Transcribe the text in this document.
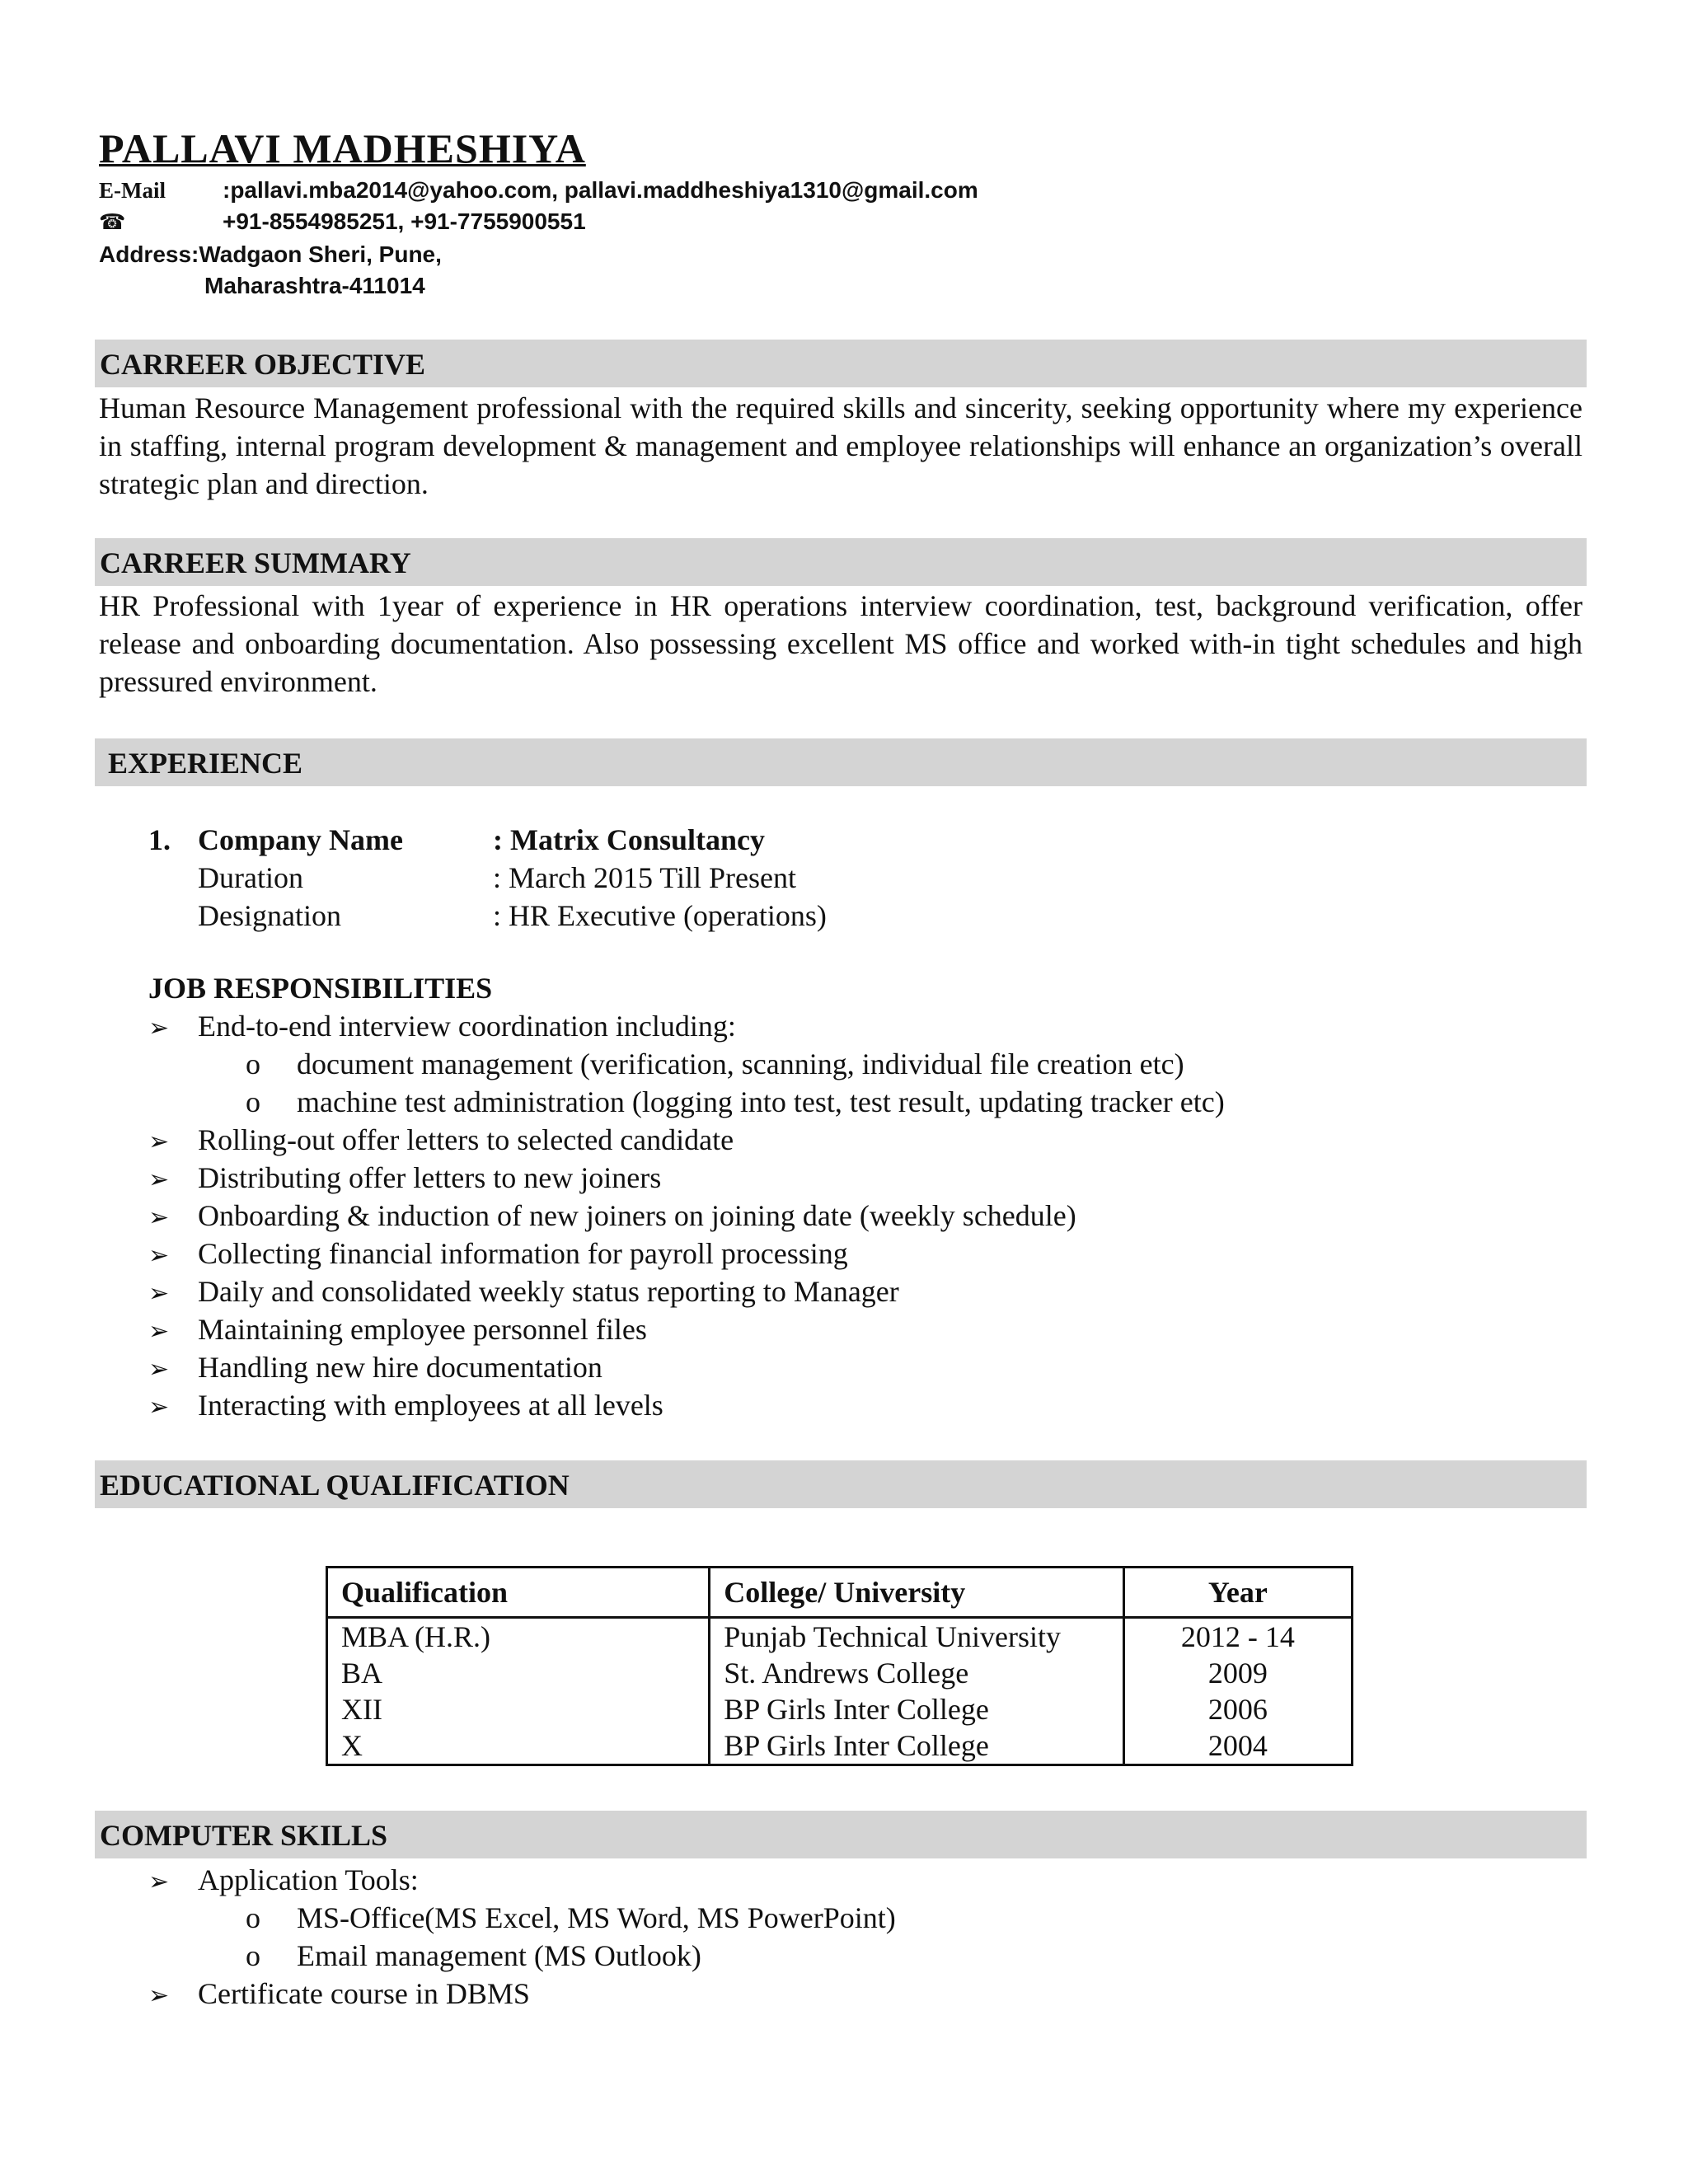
PALLAVI MADHESHIYA
E-Mail :pallavi.mba2014@yahoo.com, pallavi.maddheshiya1310@gmail.com
☎	+91-8554985251, +91-7755900551
Address:Wadgaon Sheri, Pune,
Maharashtra-411014
CARREER OBJECTIVE
Human Resource Management professional with the required skills and sincerity, seeking opportunity where my experience in staffing, internal program development & management and employee relationships will enhance an organization’s overall strategic plan and direction.
CARREER SUMMARY
HR Professional with 1year of experience in HR operations interview coordination, test, background verification, offer release and onboarding documentation. Also possessing excellent MS office and worked with-in tight schedules and high pressured environment.
EXPERIENCE
1. Company Name	: Matrix Consultancy
Duration	: March 2015 Till Present
Designation	: HR Executive (operations)
JOB RESPONSIBILITIES
➢ End-to-end interview coordination including:
o document management (verification, scanning, individual file creation etc)
o machine test administration (logging into test, test result, updating tracker etc)
➢ Rolling-out offer letters to selected candidate
➢ Distributing offer letters to new joiners
➢ Onboarding & induction of new joiners on joining date (weekly schedule)
➢ Collecting financial information for payroll processing
➢ Daily and consolidated weekly status reporting to Manager
➢ Maintaining employee personnel files
➢ Handling new hire documentation
➢ Interacting with employees at all levels
EDUCATIONAL QUALIFICATION
Qualification	College/ University	Year
MBA (H.R.)	Punjab Technical University	2012 - 14
BA	St. Andrews College	2009
XII	BP Girls Inter College	2006
X	BP Girls Inter College	2004
COMPUTER SKILLS
➢ Application Tools:
o MS-Office(MS Excel, MS Word, MS PowerPoint)
o Email management (MS Outlook)
➢ Certificate course in DBMS
